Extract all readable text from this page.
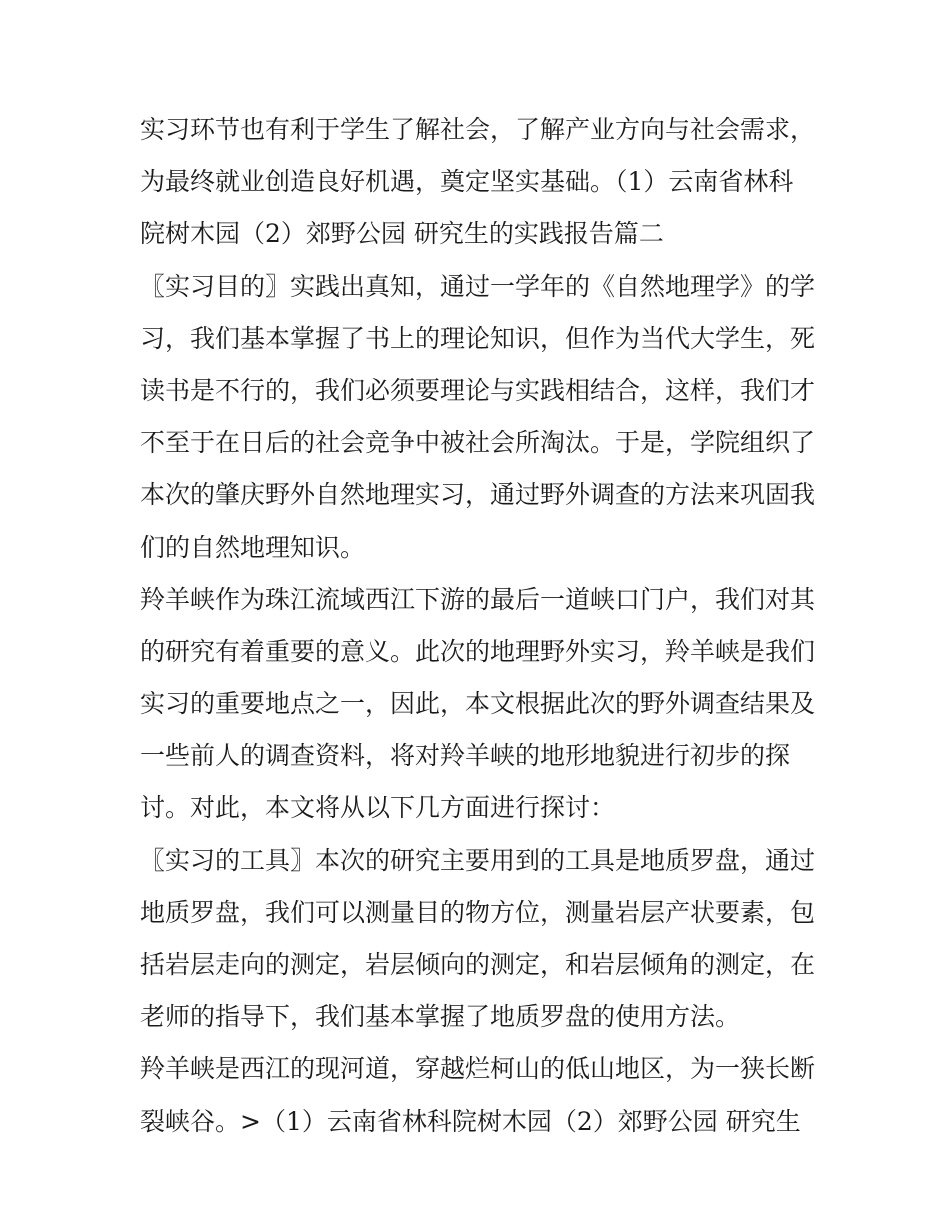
实习环节也有利于学生了解社会，了解产业方向与社会需求，
为最终就业创造良好机遇，奠定坚实基础。（1）云南省林科
院树木园（2）郊野公园 研究生的实践报告篇二
〖实习目的〗实践出真知，通过一学年的《自然地理学》的学
习，我们基本掌握了书上的理论知识，但作为当代大学生，死
读书是不行的，我们必须要理论与实践相结合，这样，我们才
不至于在日后的社会竞争中被社会所淘汰。于是，学院组织了
本次的肇庆野外自然地理实习，通过野外调查的方法来巩固我
们的自然地理知识。
羚羊峡作为珠江流域西江下游的最后一道峡口门户，我们对其
的研究有着重要的意义。此次的地理野外实习，羚羊峡是我们
实习的重要地点之一，因此，本文根据此次的野外调查结果及
一些前人的调查资料，将对羚羊峡的地形地貌进行初步的探
讨。对此，本文将从以下几方面进行探讨：
〖实习的工具〗本次的研究主要用到的工具是地质罗盘，通过
地质罗盘，我们可以测量目的物方位，测量岩层产状要素，包
括岩层走向的测定，岩层倾向的测定，和岩层倾角的测定，在
老师的指导下，我们基本掌握了地质罗盘的使用方法。
羚羊峡是西江的现河道，穿越烂柯山的低山地区，为一狭长断
裂峡谷。>（1）云南省林科院树木园（2）郊野公园 研究生
